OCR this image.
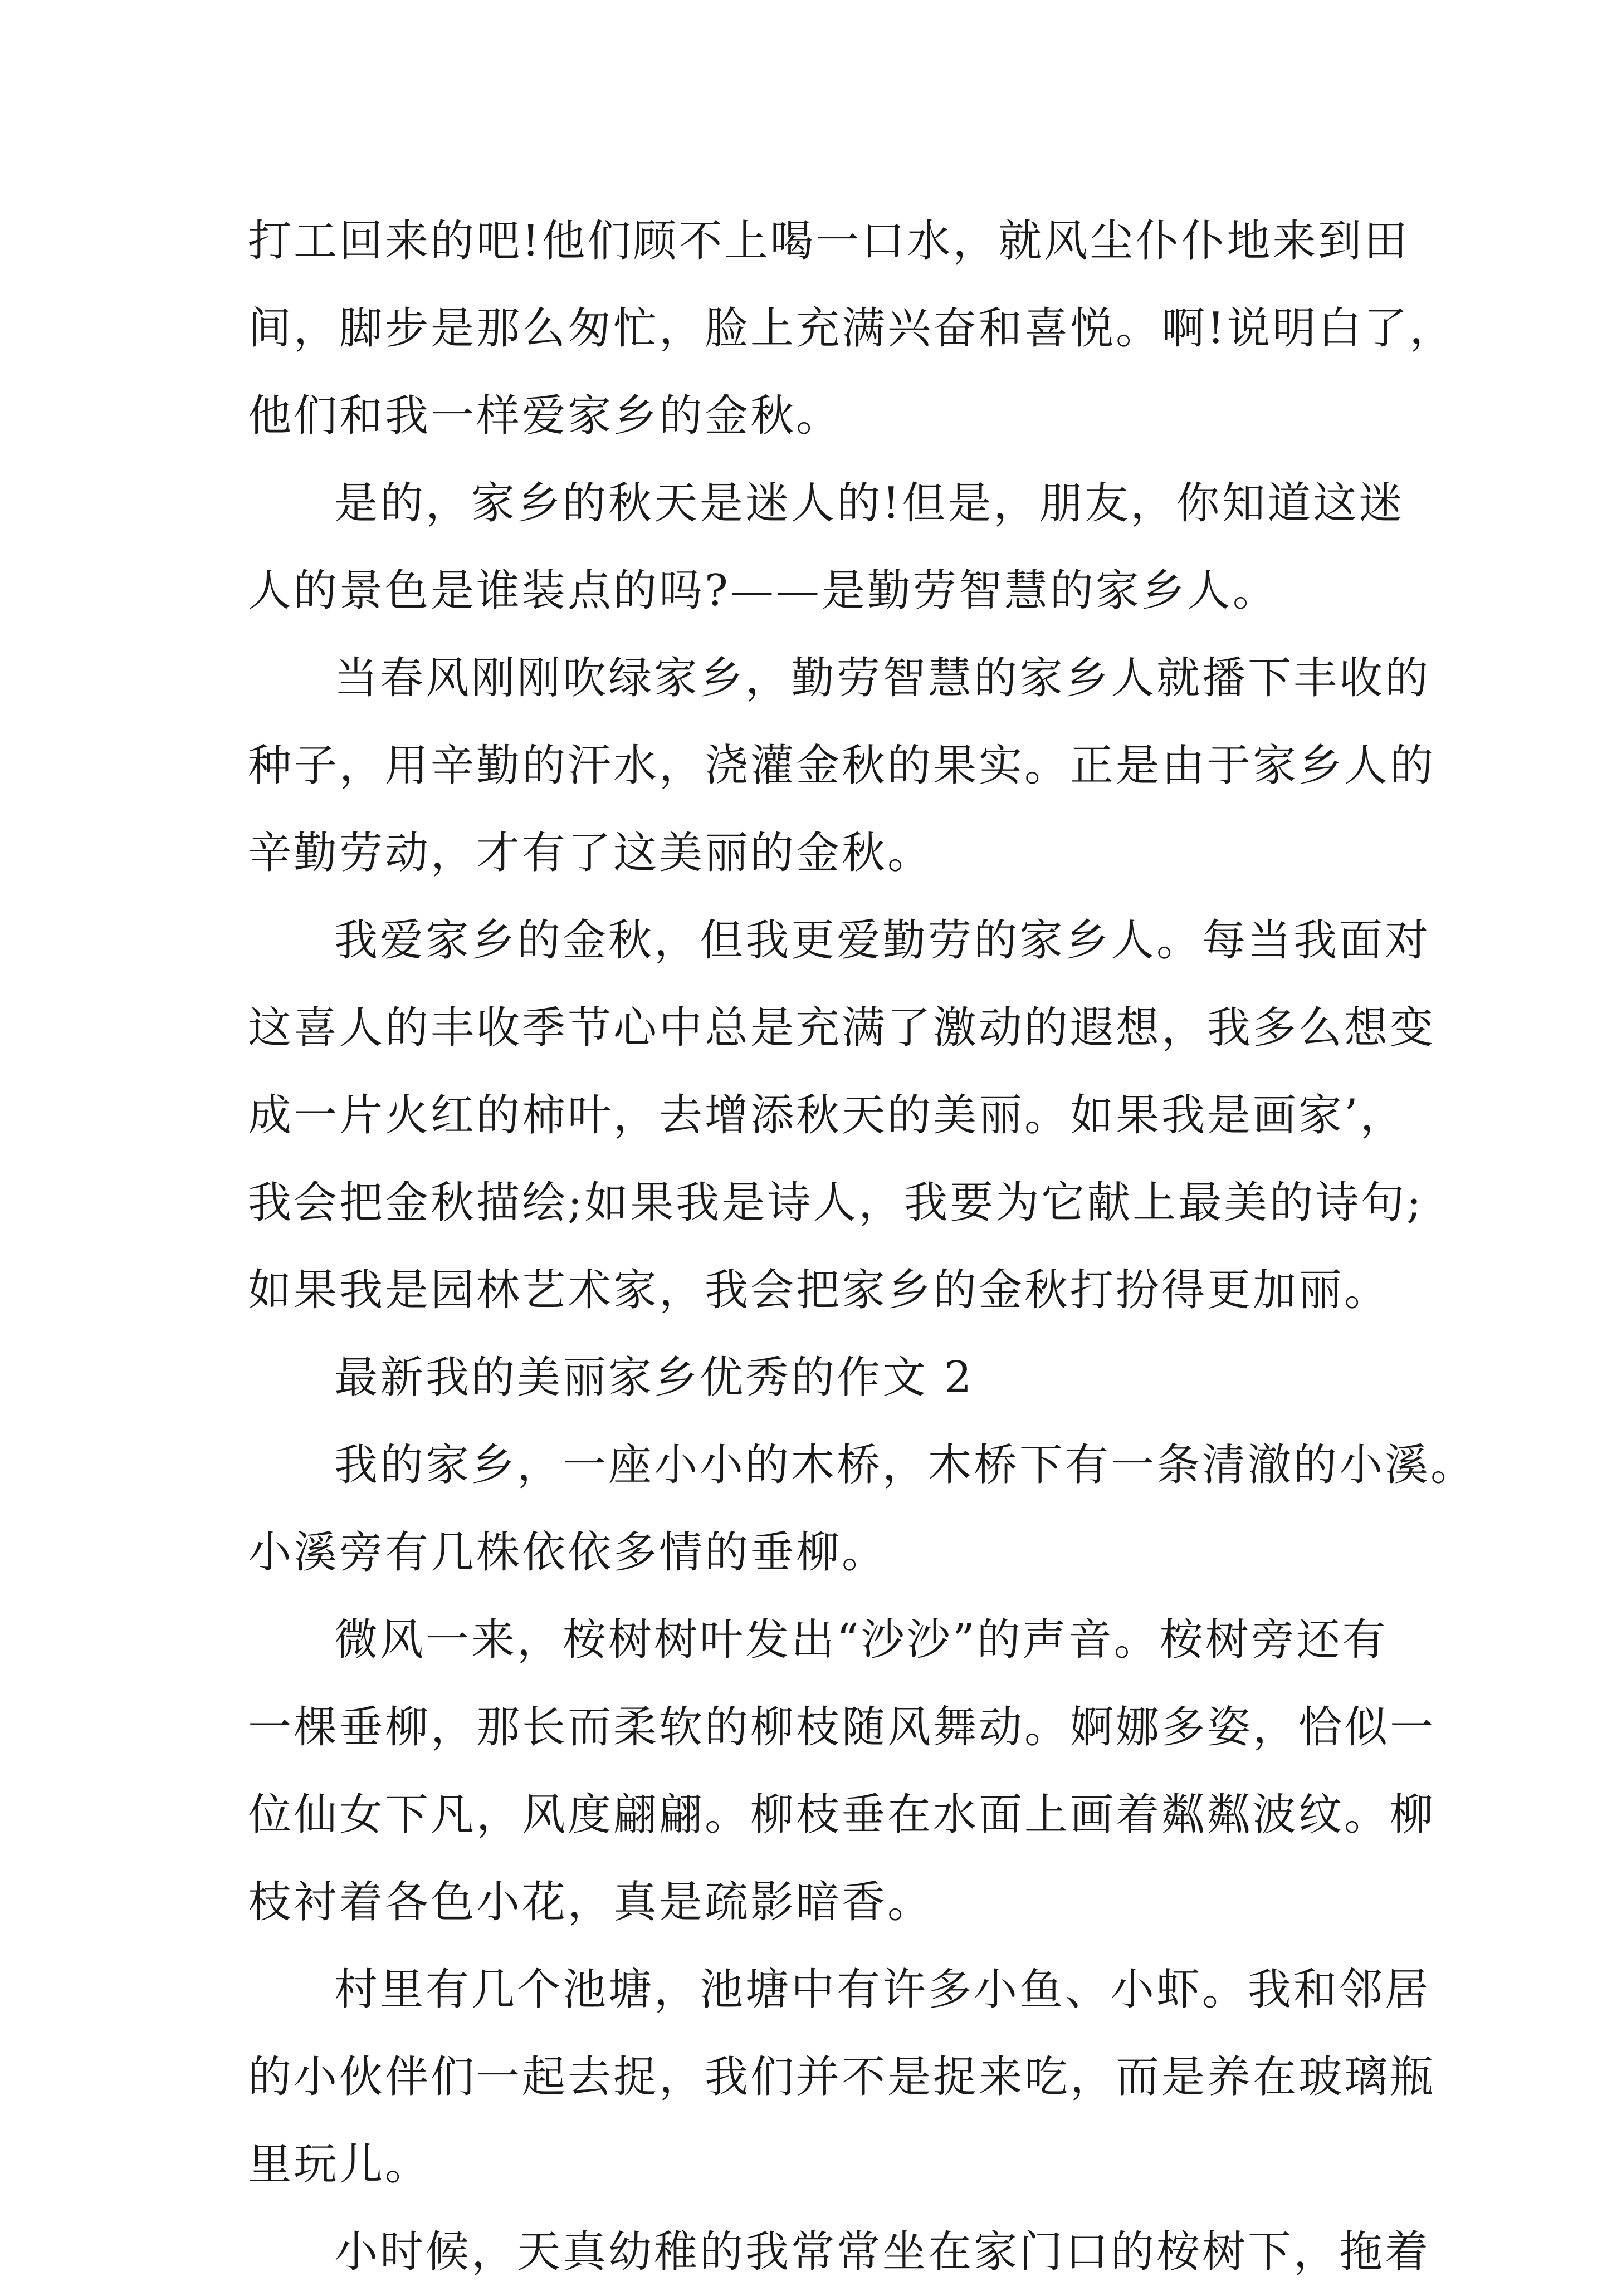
打工回来的吧!他们顾不上喝一口水，就风尘仆仆地来到田
间，脚步是那么匆忙，脸上充满兴奋和喜悦。啊!说明白了，
他们和我一样爱家乡的金秋。
是的，家乡的秋天是迷人的!但是，朋友，你知道这迷
人的景色是谁装点的吗?——是勤劳智慧的家乡人。
当春风刚刚吹绿家乡，勤劳智慧的家乡人就播下丰收的
种子，用辛勤的汗水，浇灌金秋的果实。正是由于家乡人的
辛勤劳动，才有了这美丽的金秋。
我爱家乡的金秋，但我更爱勤劳的家乡人。每当我面对
这喜人的丰收季节心中总是充满了激动的遐想，我多么想变
成一片火红的柿叶，去增添秋天的美丽。如果我是画家’，
我会把金秋描绘;如果我是诗人，我要为它献上最美的诗句;
如果我是园林艺术家，我会把家乡的金秋打扮得更加丽。
最新我的美丽家乡优秀的作文 2
我的家乡，一座小小的木桥，木桥下有一条清澈的小溪。
小溪旁有几株依依多情的垂柳。
微风一来，桉树树叶发出“沙沙”的声音。桉树旁还有
一棵垂柳，那长而柔软的柳枝随风舞动。婀娜多姿，恰似一
位仙女下凡，风度翩翩。柳枝垂在水面上画着粼粼波纹。柳
枝衬着各色小花，真是疏影暗香。
村里有几个池塘，池塘中有许多小鱼、小虾。我和邻居
的小伙伴们一起去捉，我们并不是捉来吃，而是养在玻璃瓶
里玩儿。
小时候，天真幼稚的我常常坐在家门口的桉树下，拖着
